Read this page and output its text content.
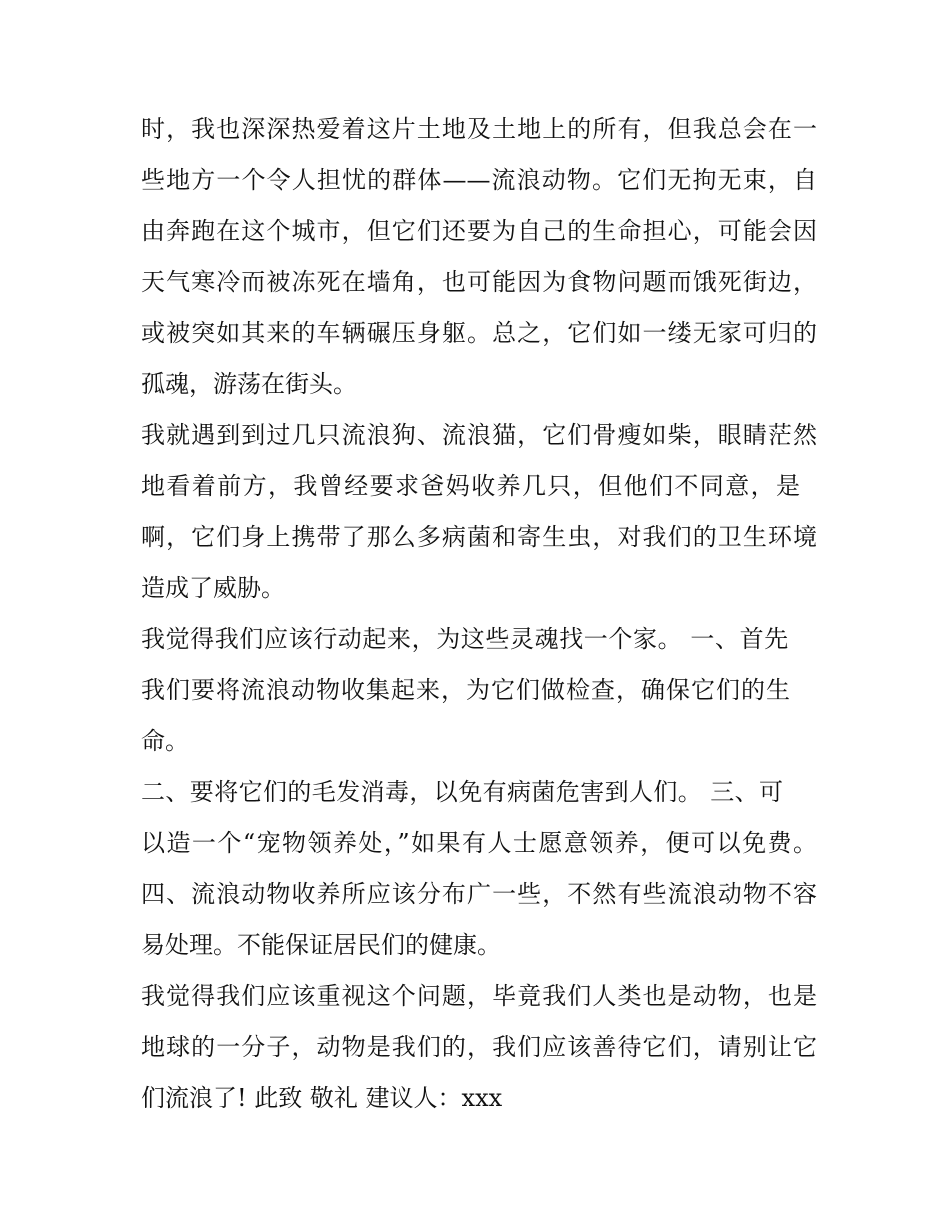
时，我也深深热爱着这片土地及土地上的所有，但我总会在一
些地方一个令人担忧的群体——流浪动物。它们无拘无束，自
由奔跑在这个城市，但它们还要为自己的生命担心，可能会因
天气寒冷而被冻死在墙角，也可能因为食物问题而饿死街边，
或被突如其来的车辆碾压身躯。总之，它们如一缕无家可归的
孤魂，游荡在街头。
我就遇到到过几只流浪狗、流浪猫，它们骨瘦如柴，眼睛茫然
地看着前方，我曾经要求爸妈收养几只，但他们不同意，是
啊，它们身上携带了那么多病菌和寄生虫，对我们的卫生环境
造成了威胁。
我觉得我们应该行动起来，为这些灵魂找一个家。 一、首先
我们要将流浪动物收集起来，为它们做检查，确保它们的生
命。
二、要将它们的毛发消毒，以免有病菌危害到人们。 三、可
以造一个“宠物领养处，”如果有人士愿意领养，便可以免费。
四、流浪动物收养所应该分布广一些，不然有些流浪动物不容
易处理。不能保证居民们的健康。
我觉得我们应该重视这个问题，毕竟我们人类也是动物，也是
地球的一分子，动物是我们的，我们应该善待它们，请别让它
们流浪了! 此致 敬礼 建议人：xxx
